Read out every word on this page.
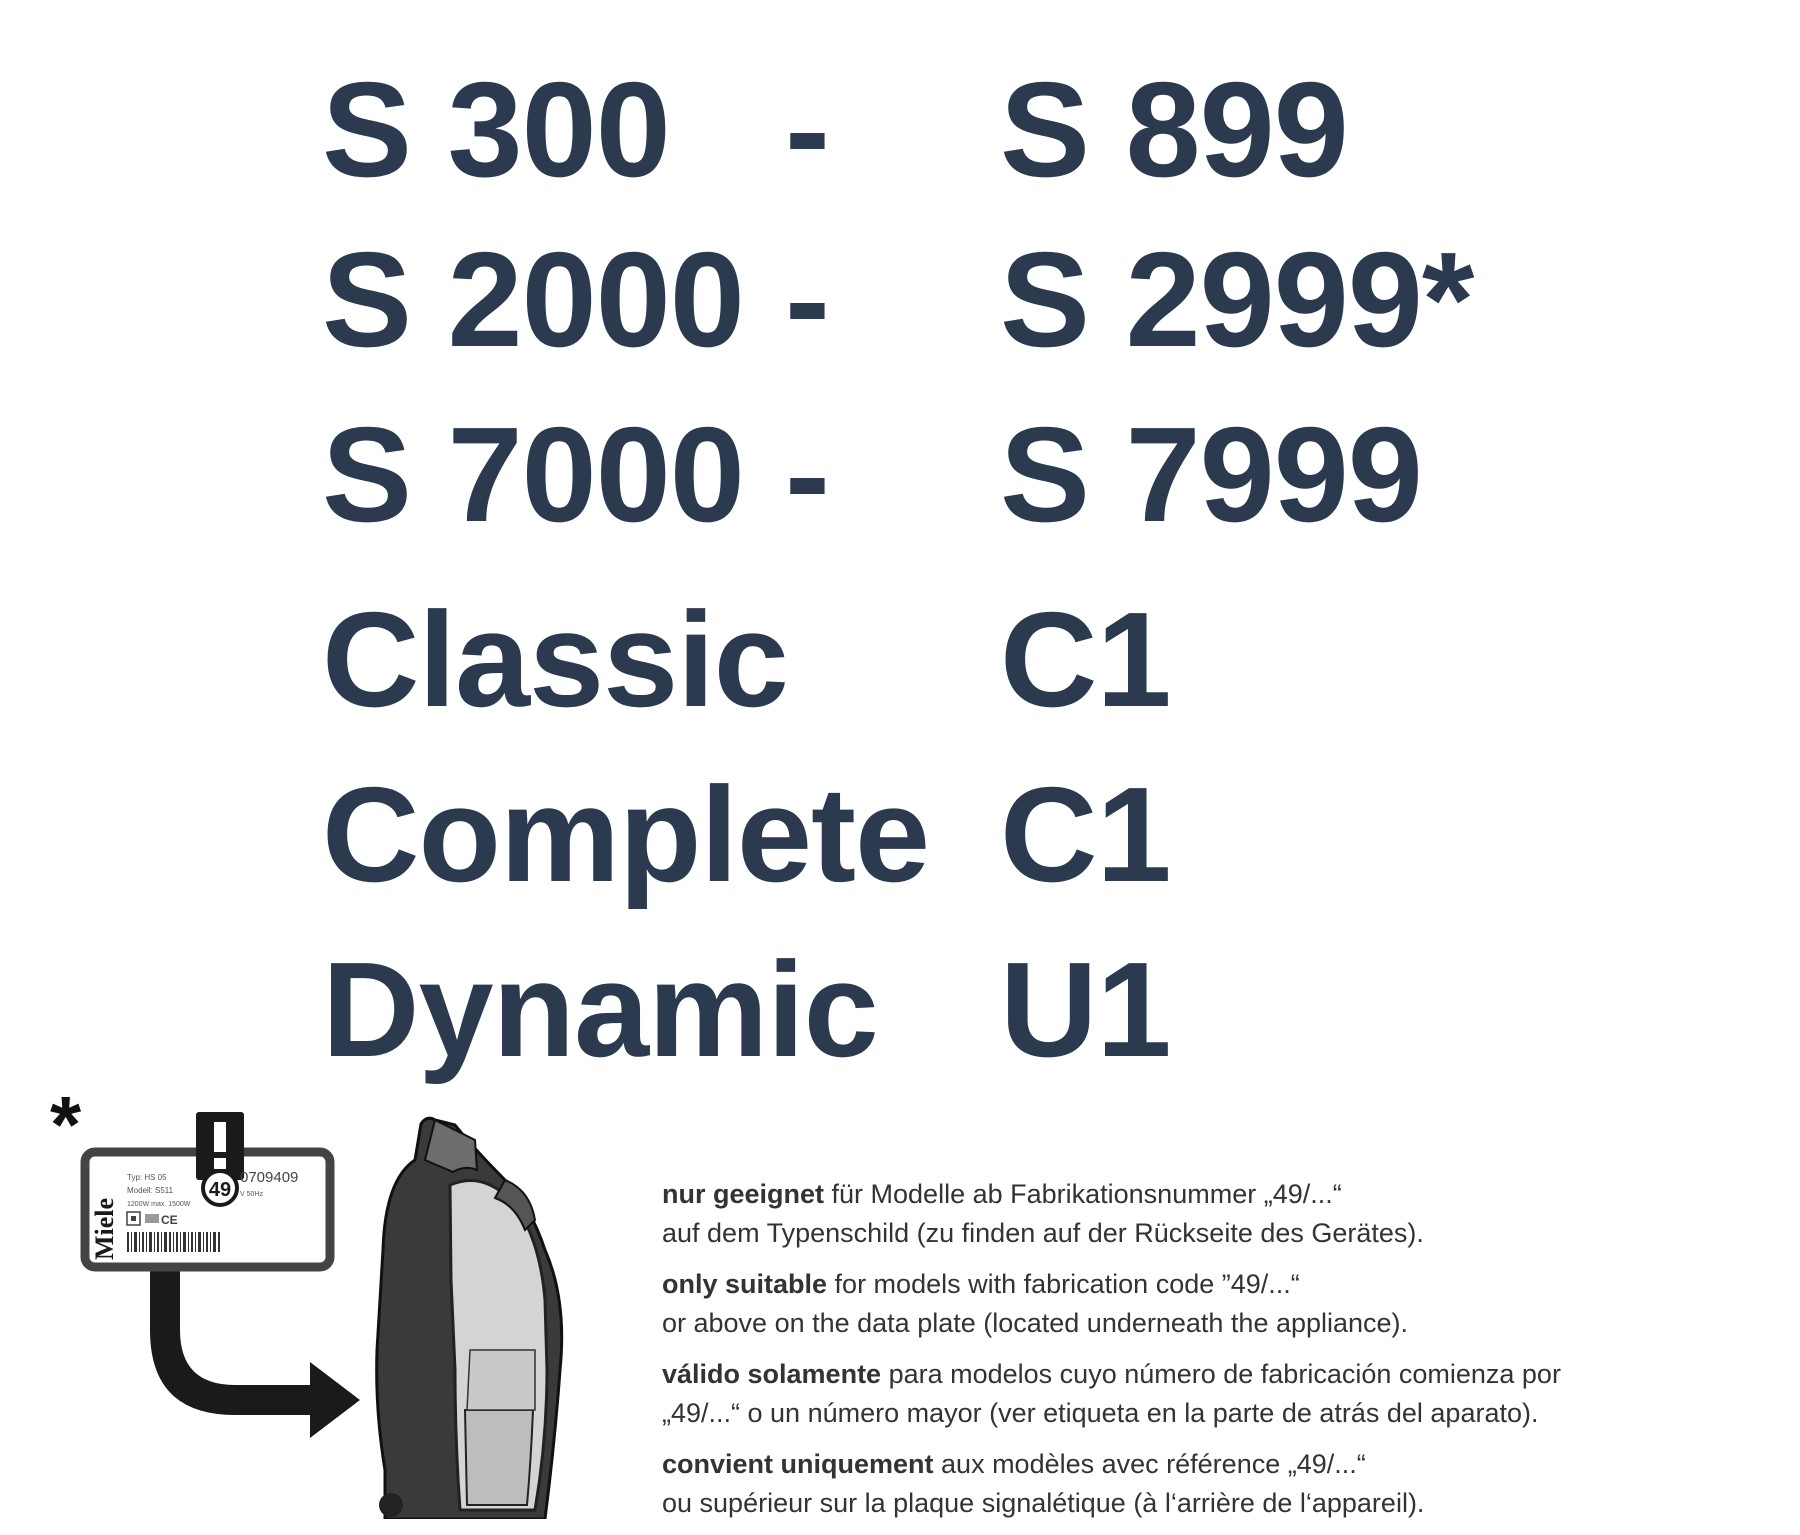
S 300 - S 899
S 2000 - S 2999*
S 7000 - S 7999
Classic C1
Complete C1
Dynamic U1
*
49
Miele
Typ: HS 05
Modell: S511
1200W max. 1500W
0709409
V 50Hz
CE
nur geeignet für Modelle ab Fabrikationsnummer „49/...“
auf dem Typenschild (zu finden auf der Rückseite des Gerätes).
only suitable for models with fabrication code ”49/...“
or above on the data plate (located underneath the appliance).
válido solamente para modelos cuyo número de fabricación comienza por
„49/...“ o un número mayor (ver etiqueta en la parte de atrás del aparato).
convient uniquement aux modèles avec référence „49/...“
ou supérieur sur la plaque signalétique (à l‘arrière de l‘appareil).
